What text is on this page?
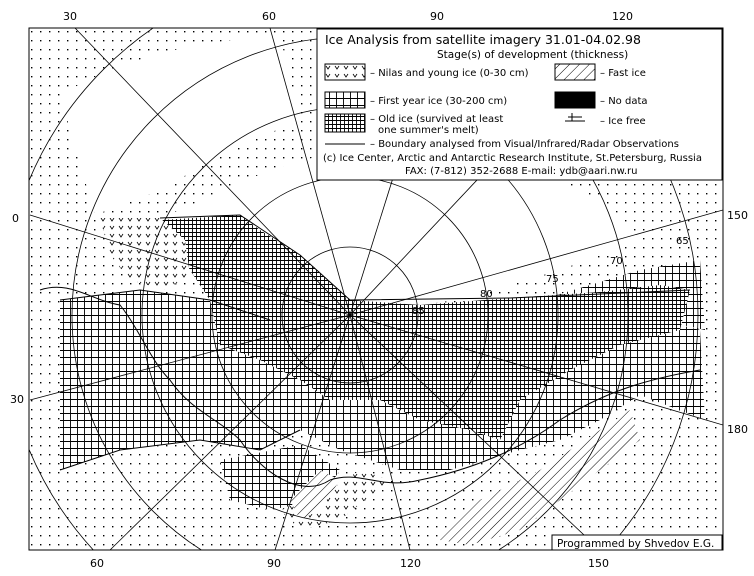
65
70
75
80
85
30	60	90	120
60	90	120	150
0
30
150
180
Ice Analysis from satellite imagery 31.01-04.02.98
Stage(s) of development (thickness)
– Nilas and young ice (0-30 cm)
– First year ice (30-200 cm)
– Old ice (survived at least
one summer's melt)
– Fast ice
– No data
– Ice free
– Boundary analysed from Visual/Infrared/Radar Observations
(c) Ice Center, Arctic and Antarctic Research Institute, St.Petersburg, Russia
FAX: (7-812) 352-2688 E-mail: ydb@aari.nw.ru
Programmed by Shvedov E.G.
